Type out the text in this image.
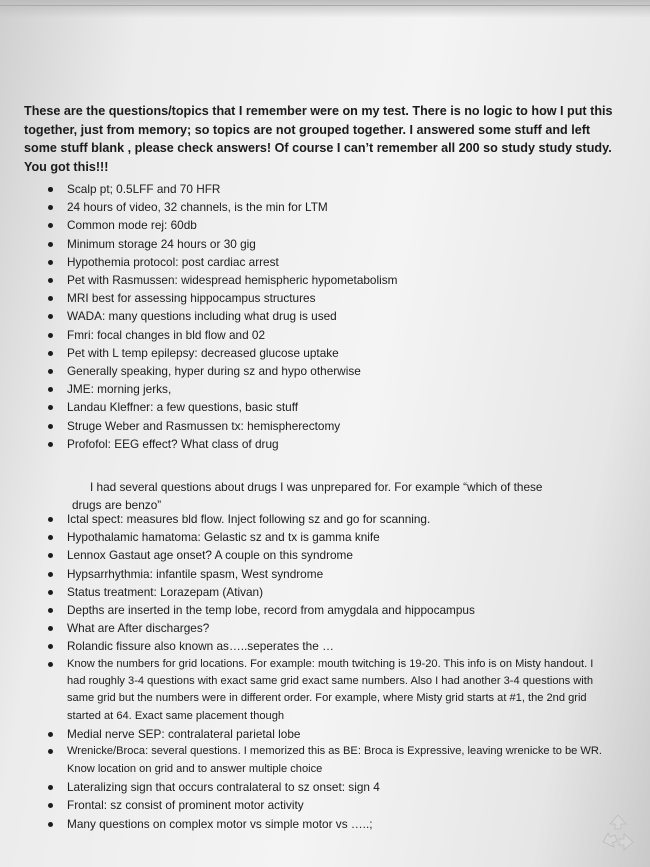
These are the questions/topics that I remember were on my test. There is no logic to how I put this together, just from memory; so topics are not grouped together. I answered some stuff and left some stuff blank , please check answers! Of course I can’t remember all 200 so study study study. You got this!!!

Scalp pt; 0.5LFF and 70 HFR
24 hours of video, 32 channels, is the min for LTM
Common mode rej: 60db
Minimum storage 24 hours or 30 gig
Hypothemia protocol: post cardiac arrest
Pet with Rasmussen: widespread hemispheric hypometabolism
MRI best for assessing hippocampus structures
WADA: many questions including what drug is used
Fmri: focal changes in bld flow and 02
Pet with L temp epilepsy: decreased glucose uptake
Generally speaking, hyper during sz and hypo otherwise
JME: morning jerks,
Landau Kleffner: a few questions, basic stuff
Struge Weber and Rasmussen tx: hemispherectomy
Profofol: EEG effect? What class of drug

I had several questions about drugs I was unprepared for. For example “which of these drugs are benzo”

Ictal spect: measures bld flow. Inject following sz and go for scanning.
Hypothalamic hamatoma: Gelastic sz and tx is gamma knife
Lennox Gastaut age onset? A couple on this syndrome
Hypsarrhythmia: infantile spasm, West syndrome
Status treatment: Lorazepam (Ativan)
Depths are inserted in the temp lobe, record from amygdala and hippocampus
What are After discharges?
Rolandic fissure also known as…..seperates the …
Know the numbers for grid locations. For example: mouth twitching is 19-20. This info is on Misty handout. I had roughly 3-4 questions with exact same grid exact same numbers. Also I had another 3-4 questions with same grid but the numbers were in different order. For example, where Misty grid starts at #1, the 2nd grid started at 64. Exact same placement though
Medial nerve SEP: contralateral parietal lobe
Wrenicke/Broca: several questions. I memorized this as BE: Broca is Expressive, leaving wrenicke to be WR. Know location on grid and to answer multiple choice
Lateralizing sign that occurs contralateral to sz onset: sign 4
Frontal: sz consist of prominent motor activity
Many questions on complex motor vs simple motor vs …..;
